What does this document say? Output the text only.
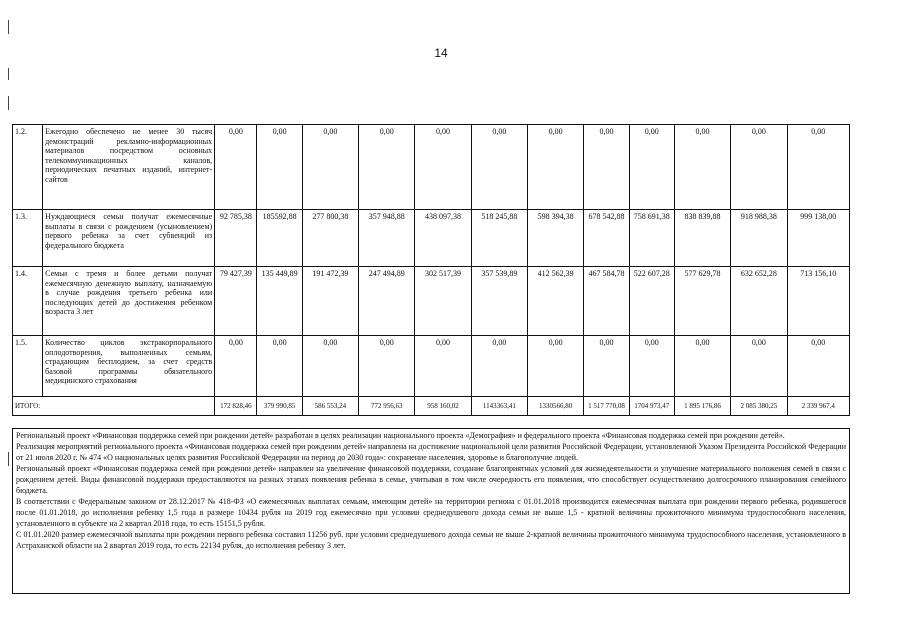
14
1.2.	Ежегодно обеспечено не менее 30 тысяч демонстраций рекламно-информационных материалов посредством основных телекоммуникационных каналов, периодических печатных изданий, интернет-сайтов	0,00	0,00	0,00	0,00	0,00	0,00	0,00	0,00	0,00	0,00	0,00	0,00
1.3.	Нуждающиеся семьи получат ежемесячные выплаты в связи с рождением (усыновлением) первого ребенка за счет субвенций из федерального бюджета	92 785,38	185592,88	277 800,38	357 948,88	438 097,38	518 245,88	598 394,38	678 542,88	758 691,38	838 839,88	918 988,38	999 138,00
1.4.	Семьи с тремя и более детьми получат ежемесячную денежную выплату, назначаемую в случае рождения третьего ребенка или последующих детей до достижения ребенком возраста 3 лет	79 427,39	135 449,89	191 472,39	247 494,89	302 517,39	357 539,89	412 562,39	467 584,78	522 607,28	577 629,78	632 652,28	713 156,10
1.5.	Количество циклов экстракорпорального оплодотворения, выполненных семьям, страдающим бесплодием, за счет средств базовой программы обязательного медицинского страхования	0,00	0,00	0,00	0,00	0,00	0,00	0,00	0,00	0,00	0,00	0,00	0,00
ИТОГО:		172 828,46	379 990,85	586 553,24	772 956,63	958 160,02	1143363,41	1330566,80	1 517 770,08	1704 973,47	1 895 176,86	2 085 380,25	2 339 967,4

Региональный проект «Финансовая поддержка семей при рождении детей» разработан в целях реализации национального проекта «Демография» и федерального проекта «Финансовая поддержка семей при рождении детей».

Реализация мероприятий регионального проекта «Финансовая поддержка семей при рождении детей» направлена на достижение национальной цели развития Российской Федерации, установленной Указом Президента Российской Федерации от 21 июля 2020 г. № 474 «О национальных целях развития Российской Федерации на период до 2030 года»: сохранение населения, здоровье и благополучие людей.

Региональный проект «Финансовая поддержка семей при рождении детей» направлен на увеличение финансовой поддержки, создание благоприятных условий для жизнедеятельности и улучшение материального положения семей в связи с рождением детей. Виды финансовой поддержки предоставляются на разных этапах появления ребенка в семье, учитывая в том числе очередность его появления, что способствует осуществлению долгосрочного планирования семейного бюджета.

В соответствии с Федеральным законом от 28.12.2017 № 418-ФЗ «О ежемесячных выплатах семьям, имеющим детей» на территории региона с 01.01.2018 производится ежемесячная выплата при рождении первого ребенка, родившегося после 01.01.2018, до исполнения ребенку 1,5 года в размере 10434 рубля на 2019 год ежемесячно при условии среднедушевого дохода семьи не выше 1,5 - кратной величины прожиточного минимума трудоспособного населения, установленного в субъекте на 2 квартал 2018 года, то есть 15151,5 рубля.

С 01.01.2020 размер ежемесячной выплаты при рождении первого ребенка составил 11256 руб. при условии среднедушевого дохода семьи не выше 2-кратной величины прожиточного минимума трудоспособного населения, установленного в Астраханской области на 2 квартал 2019 года, то есть 22134 рубля, до исполнения ребенку 3 лет.
